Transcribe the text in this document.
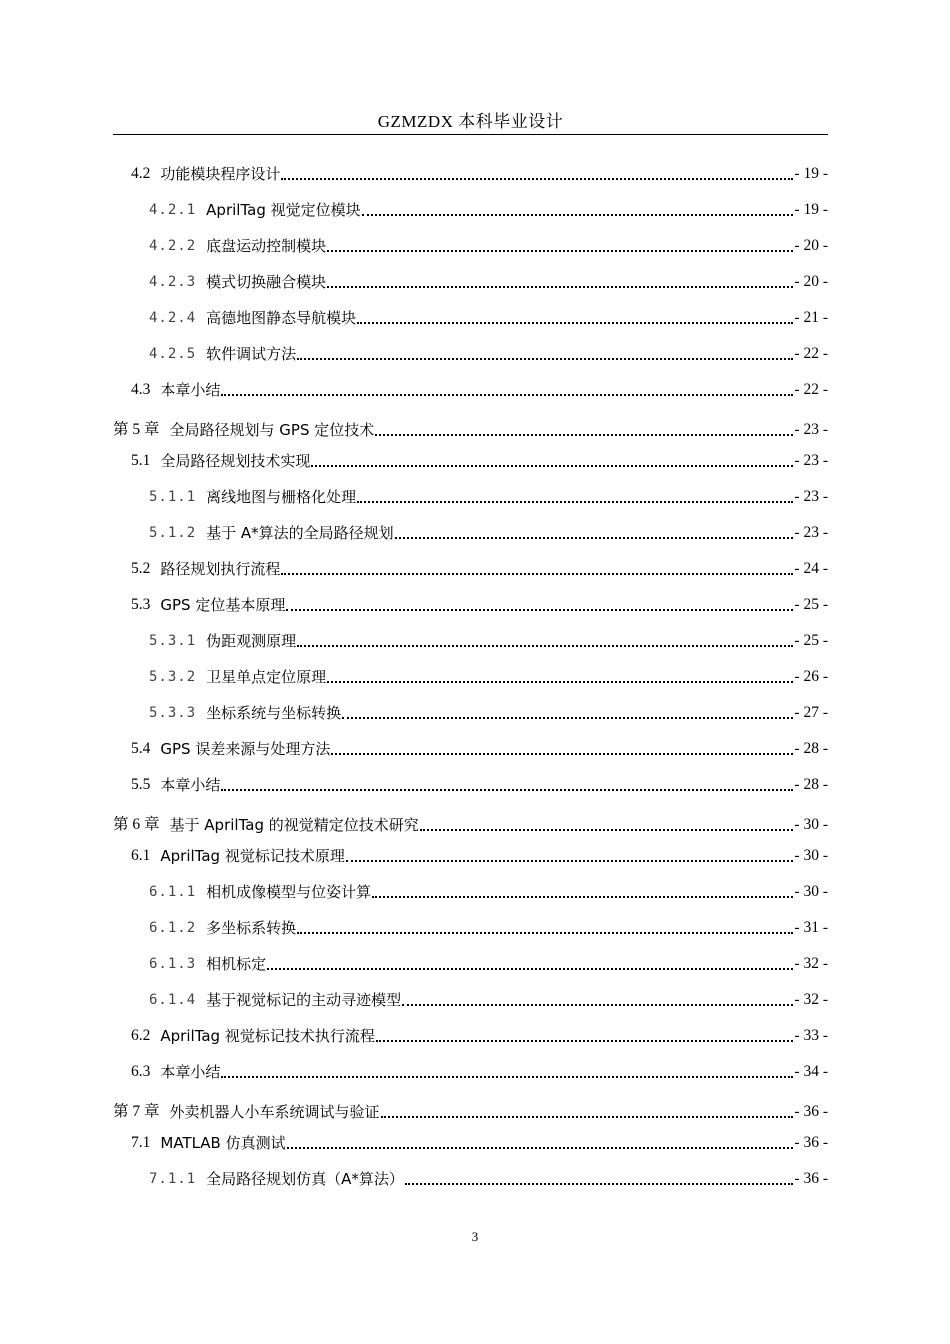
GZMZDX 本科毕业设计
4.2 功能模块程序设计	- 19 -
4.2.1 AprilTag 视觉定位模块	- 19 -
4.2.2 底盘运动控制模块	- 20 -
4.2.3 模式切换融合模块	- 20 -
4.2.4 高德地图静态导航模块	- 21 -
4.2.5 软件调试方法	- 22 -
4.3 本章小结	- 22 -
第 5 章 全局路径规划与 GPS 定位技术	- 23 -
5.1 全局路径规划技术实现	- 23 -
5.1.1 离线地图与栅格化处理	- 23 -
5.1.2 基于 A*算法的全局路径规划	- 23 -
5.2 路径规划执行流程	- 24 -
5.3 GPS 定位基本原理	- 25 -
5.3.1 伪距观测原理	- 25 -
5.3.2 卫星单点定位原理	- 26 -
5.3.3 坐标系统与坐标转换	- 27 -
5.4 GPS 误差来源与处理方法	- 28 -
5.5 本章小结	- 28 -
第 6 章 基于 AprilTag 的视觉精定位技术研究	- 30 -
6.1 AprilTag 视觉标记技术原理	- 30 -
6.1.1 相机成像模型与位姿计算	- 30 -
6.1.2 多坐标系转换	- 31 -
6.1.3 相机标定	- 32 -
6.1.4 基于视觉标记的主动寻迹模型	- 32 -
6.2 AprilTag 视觉标记技术执行流程	- 33 -
6.3 本章小结	- 34 -
第 7 章 外卖机器人小车系统调试与验证	- 36 -
7.1 MATLAB 仿真测试	- 36 -
7.1.1 全局路径规划仿真（A*算法）	- 36 -
3
